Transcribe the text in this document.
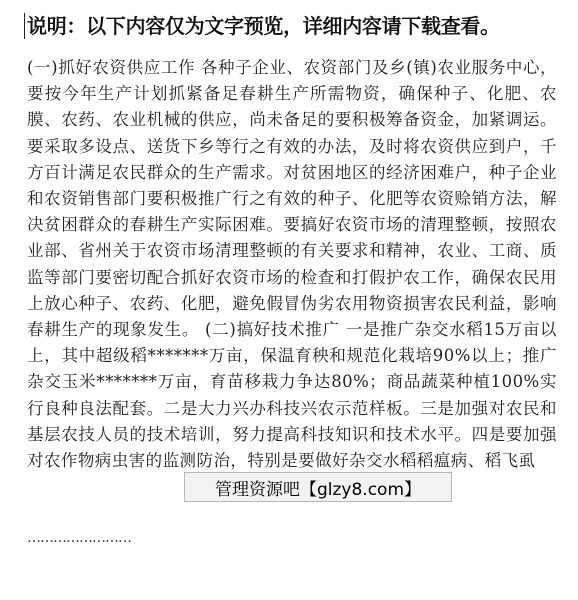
说明：以下内容仅为文字预览，详细内容请下载查看。
(一)抓好农资供应工作 各种子企业、农资部门及乡(镇)农业服务中心，要按今年生产计划抓紧备足春耕生产所需物资，确保种子、化肥、农膜、农药、农业机械的供应，尚未备足的要积极筹备资金，加紧调运。要采取多设点、送货下乡等行之有效的办法，及时将农资供应到户，千方百计满足农民群众的生产需求。对贫困地区的经济困难户，种子企业和农资销售部门要积极推广行之有效的种子、化肥等农资赊销方法，解决贫困群众的春耕生产实际困难。要搞好农资市场的清理整顿，按照农业部、省州关于农资市场清理整顿的有关要求和精神，农业、工商、质监等部门要密切配合抓好农资市场的检查和打假护农工作，确保农民用上放心种子、农药、化肥，避免假冒伪劣农用物资损害农民利益，影响春耕生产的现象发生。 (二)搞好技术推广 一是推广杂交水稻15万亩以上，其中超级稻*******万亩，保温育秧和规范化栽培90%以上；推广杂交玉米*******万亩，育苗移栽力争达80%；商品蔬菜种植100%实行良种良法配套。二是大力兴办科技兴农示范样板。三是加强对农民和基层农技人员的技术培训，努力提高科技知识和技术水平。四是要加强对农作物病虫害的监测防治，特别是要做好杂交水稻稻瘟病、稻飞虱
……………………
管理资源吧【glzy8.com】
